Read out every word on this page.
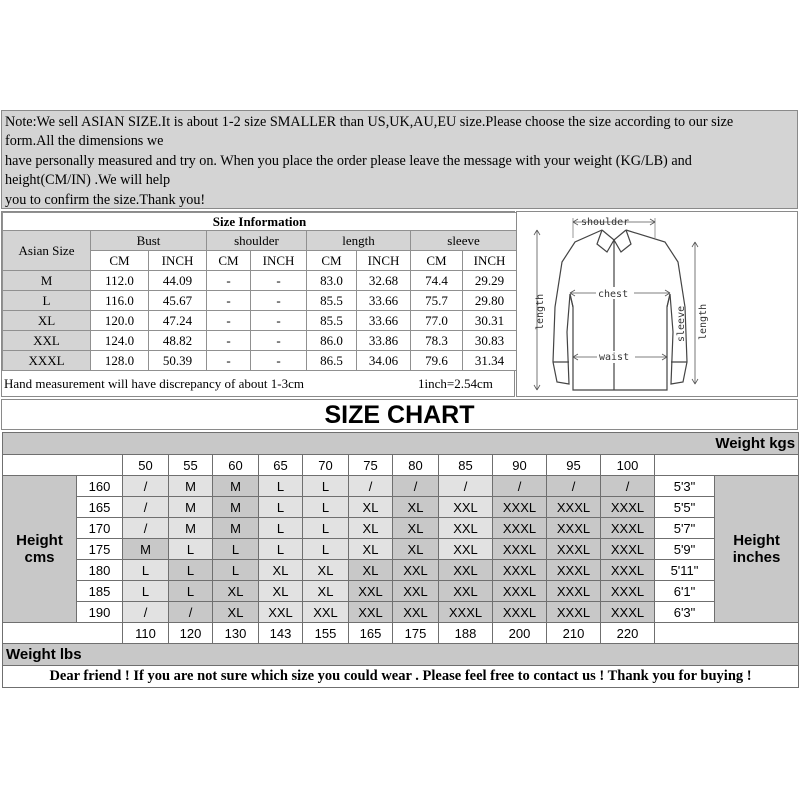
Note:We sell ASIAN SIZE.It is about 1-2 size SMALLER than US,UK,AU,EU size.Please choose the size according to our size
form.All the dimensions we
have personally measured and try on. When you place the order please leave the message with your weight (KG/LB) and
height(CM/IN) .We will help
you to confirm the size.Thank you!
Size Information								
Asian Size	Bust		shoulder		length		sleeve	
	CM	INCH	CM	INCH	CM	INCH	CM	INCH
M	112.0	44.09	-	-	83.0	32.68	74.4	29.29
L	116.0	45.67	-	-	85.5	33.66	75.7	29.80
XL	120.0	47.24	-	-	85.5	33.66	77.0	30.31
XXL	124.0	48.82	-	-	86.0	33.86	78.3	30.83
XXXL	128.0	50.39	-	-	86.5	34.06	79.6	31.34
Hand measurement will have discrepancy of about 1-3cm	1inch=2.54cm
shoulder
chest
waist
length	sleeve length
SIZE CHART
Weight kgs														
		50	55	60	65	70	75	80	85	90	95	100		
Height cms	160	/	M	M	L	L	/	/	/	/	/	/	5'3"	Height inches
	165	/	M	M	L	L	XL	XL	XXL	XXXL	XXXL	XXXL	5'5"	
	170	/	M	M	L	L	XL	XL	XXL	XXXL	XXXL	XXXL	5'7"	
	175	M	L	L	L	L	XL	XL	XXL	XXXL	XXXL	XXXL	5'9"	
	180	L	L	L	XL	XL	XL	XXL	XXL	XXXL	XXXL	XXXL	5'11"	
	185	L	L	XL	XL	XL	XXL	XXL	XXL	XXXL	XXXL	XXXL	6'1"	
	190	/	/	XL	XXL	XXL	XXL	XXL	XXXL	XXXL	XXXL	XXXL	6'3"	
		110	120	130	143	155	165	175	188	200	210	220		
Weight lbs														
Dear friend ! If you are not sure which size you could wear . Please feel free to contact us ! Thank you for buying !														
